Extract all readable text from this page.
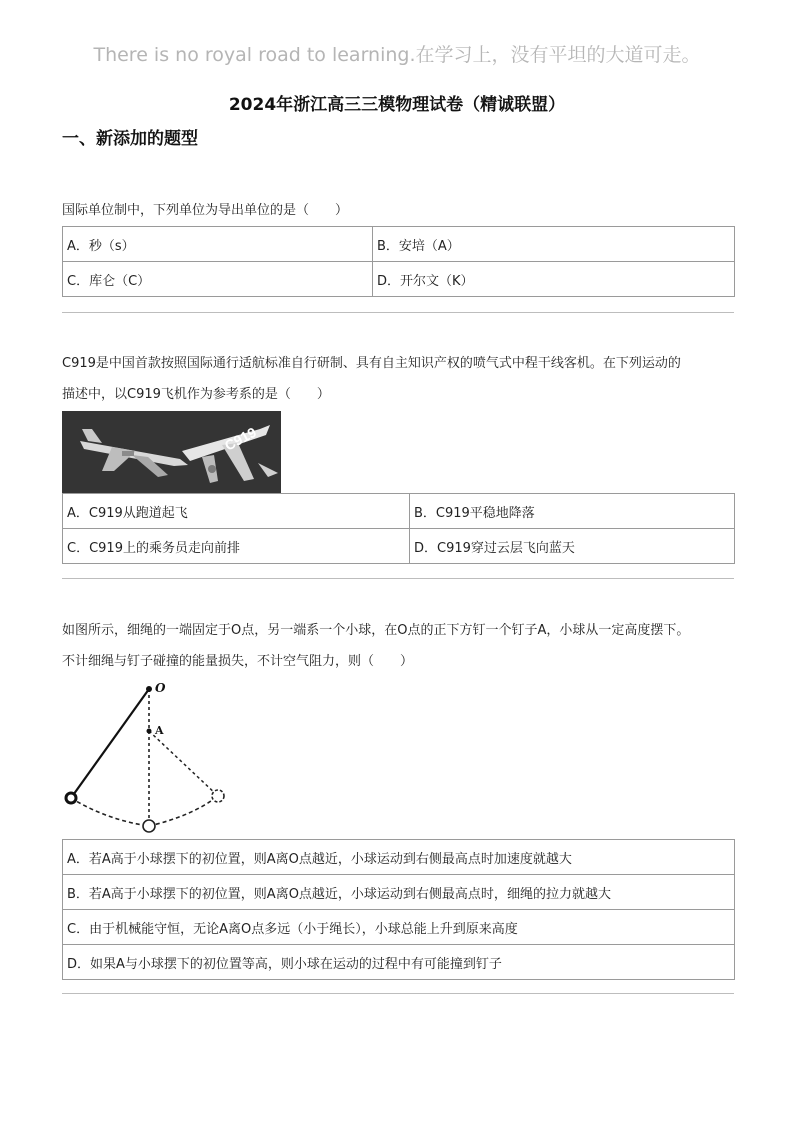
There is no royal road to learning.在学习上，没有平坦的大道可走。
2024年浙江高三三模物理试卷（精诚联盟）
一、新添加的题型
国际单位制中，下列单位为导出单位的是（　　）
A．秒（s）	B．安培（A）
C．库仑（C）	D．开尔文（K）
C919是中国首款按照国际通行适航标准自行研制、具有自主知识产权的喷气式中程干线客机。在下列运动的
描述中，以C919飞机作为参考系的是（　　）
C919
A．C919从跑道起飞	B．C919平稳地降落
C．C919上的乘务员走向前排	D．C919穿过云层飞向蓝天
如图所示，细绳的一端固定于O点，另一端系一个小球，在O点的正下方钉一个钉子A，小球从一定高度摆下。
不计细绳与钉子碰撞的能量损失，不计空气阻力，则（　　）
O
A
A．若A高于小球摆下的初位置，则A离O点越近，小球运动到右侧最高点时加速度就越大
B．若A高于小球摆下的初位置，则A离O点越近，小球运动到右侧最高点时，细绳的拉力就越大
C．由于机械能守恒，无论A离O点多远（小于绳长），小球总能上升到原来高度
D．如果A与小球摆下的初位置等高，则小球在运动的过程中有可能撞到钉子
